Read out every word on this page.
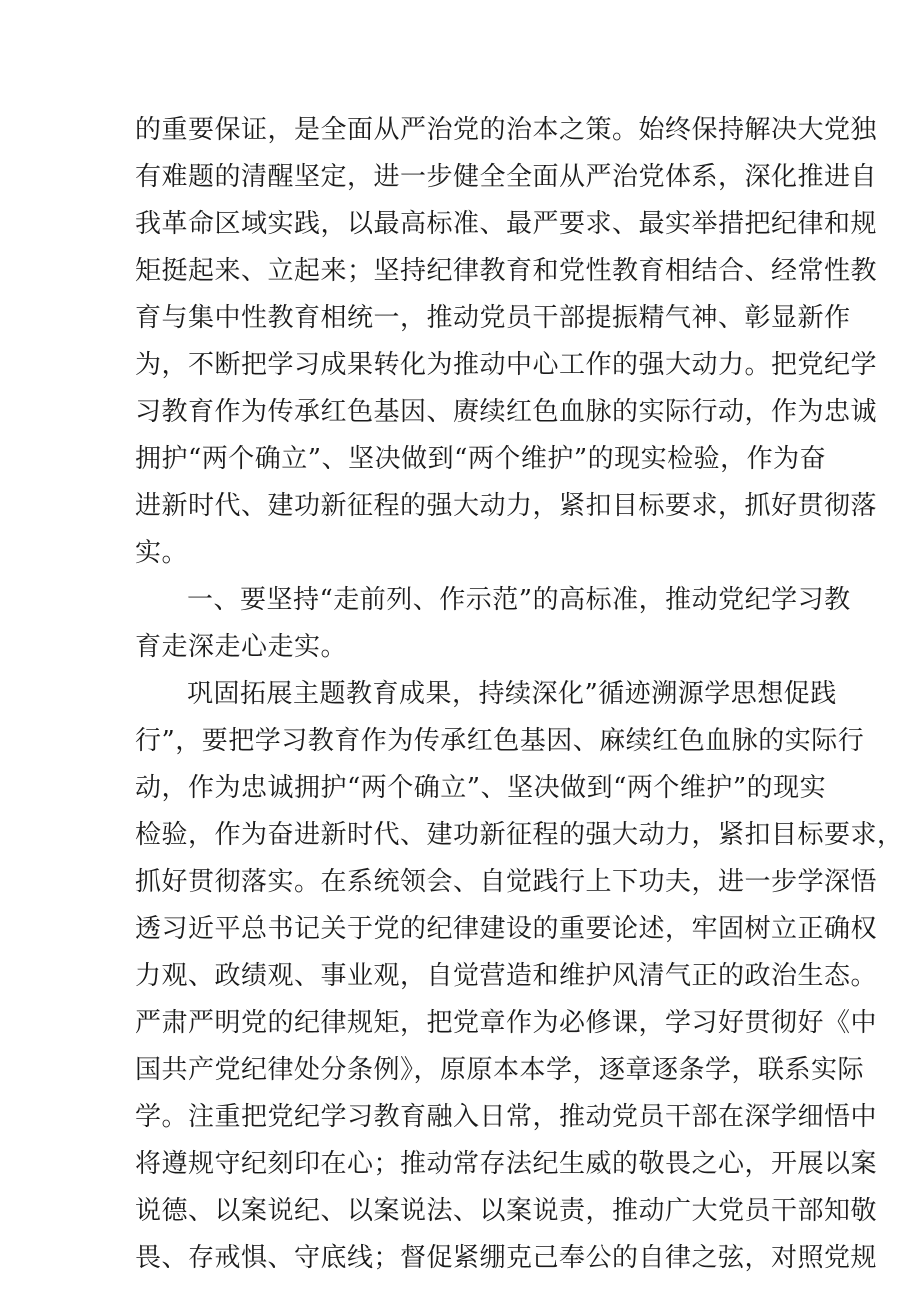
的重要保证，是全面从严治党的治本之策。始终保持解决大党独
有难题的清醒坚定，进一步健全全面从严治党体系，深化推进自
我革命区域实践，以最高标准、最严要求、最实举措把纪律和规
矩挺起来、立起来；坚持纪律教育和党性教育相结合、经常性教
育与集中性教育相统一，推动党员干部提振精气神、彰显新作
为，不断把学习成果转化为推动中心工作的强大动力。把党纪学
习教育作为传承红色基因、赓续红色血脉的实际行动，作为忠诚
拥护“两个确立”、坚决做到“两个维护”的现实检验，作为奋
进新时代、建功新征程的强大动力，紧扣目标要求，抓好贯彻落
实。
一、要坚持“走前列、作示范”的高标准，推动党纪学习教
育走深走心走实。
巩固拓展主题教育成果，持续深化”循迹溯源学思想促践
行”，要把学习教育作为传承红色基因、麻续红色血脉的实际行
动，作为忠诚拥护“两个确立”、坚决做到“两个维护”的现实
检验，作为奋进新时代、建功新征程的强大动力，紧扣目标要求，
抓好贯彻落实。在系统领会、自觉践行上下功夫，进一步学深悟
透习近平总书记关于党的纪律建设的重要论述，牢固树立正确权
力观、政绩观、事业观，自觉营造和维护风清气正的政治生态。
严肃严明党的纪律规矩，把党章作为必修课，学习好贯彻好《中
国共产党纪律处分条例》，原原本本学，逐章逐条学，联系实际
学。注重把党纪学习教育融入日常，推动党员干部在深学细悟中
将遵规守纪刻印在心；推动常存法纪生威的敬畏之心，开展以案
说德、以案说纪、以案说法、以案说责，推动广大党员干部知敬
畏、存戒惧、守底线；督促紧绷克己奉公的自律之弦，对照党规
